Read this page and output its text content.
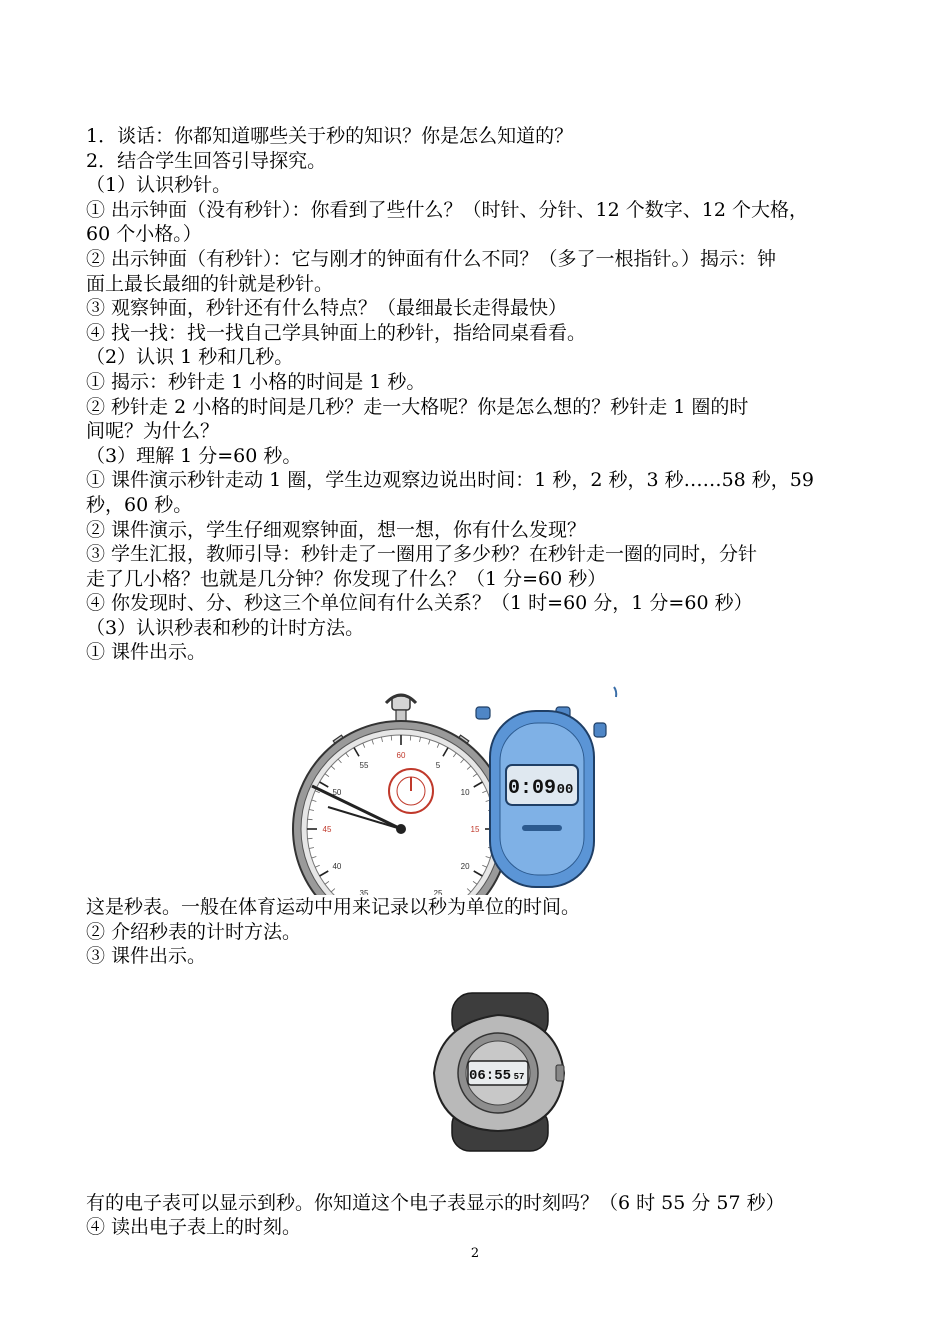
1．谈话：你都知道哪些关于秒的知识？你是怎么知道的？
2．结合学生回答引导探究。
（1）认识秒针。
① 出示钟面（没有秒针）：你看到了些什么？（时针、分针、12 个数字、12 个大格，
60 个小格。）
② 出示钟面（有秒针）：它与刚才的钟面有什么不同？（多了一根指针。）揭示：钟
面上最长最细的针就是秒针。
③ 观察钟面，秒针还有什么特点？（最细最长走得最快）
④ 找一找：找一找自己学具钟面上的秒针，指给同桌看看。
（2）认识 1 秒和几秒。
① 揭示：秒针走 1 小格的时间是 1 秒。
② 秒针走 2 小格的时间是几秒？走一大格呢？你是怎么想的？秒针走 1 圈的时
间呢？为什么？
（3）理解 1 分=60 秒。
① 课件演示秒针走动 1 圈，学生边观察边说出时间：1 秒，2 秒，3 秒……58 秒，59
秒，60 秒。
② 课件演示，学生仔细观察钟面，想一想，你有什么发现？
③ 学生汇报，教师引导：秒针走了一圈用了多少秒？在秒针走一圈的同时，分针
走了几小格？也就是几分钟？你发现了什么？（1 分=60 秒）
④ 你发现时、分、秒这三个单位间有什么关系？（1 时=60 分，1 分=60 秒）
（3）认识秒表和秒的计时方法。
① 课件出示。
60
5
10
15
20
25
35
40
45
50
55
0:09 00
这是秒表。一般在体育运动中用来记录以秒为单位的时间。
② 介绍秒表的计时方法。
③ 课件出示。
06:55 57
有的电子表可以显示到秒。你知道这个电子表显示的时刻吗？（6 时 55 分 57 秒）
④ 读出电子表上的时刻。
2
